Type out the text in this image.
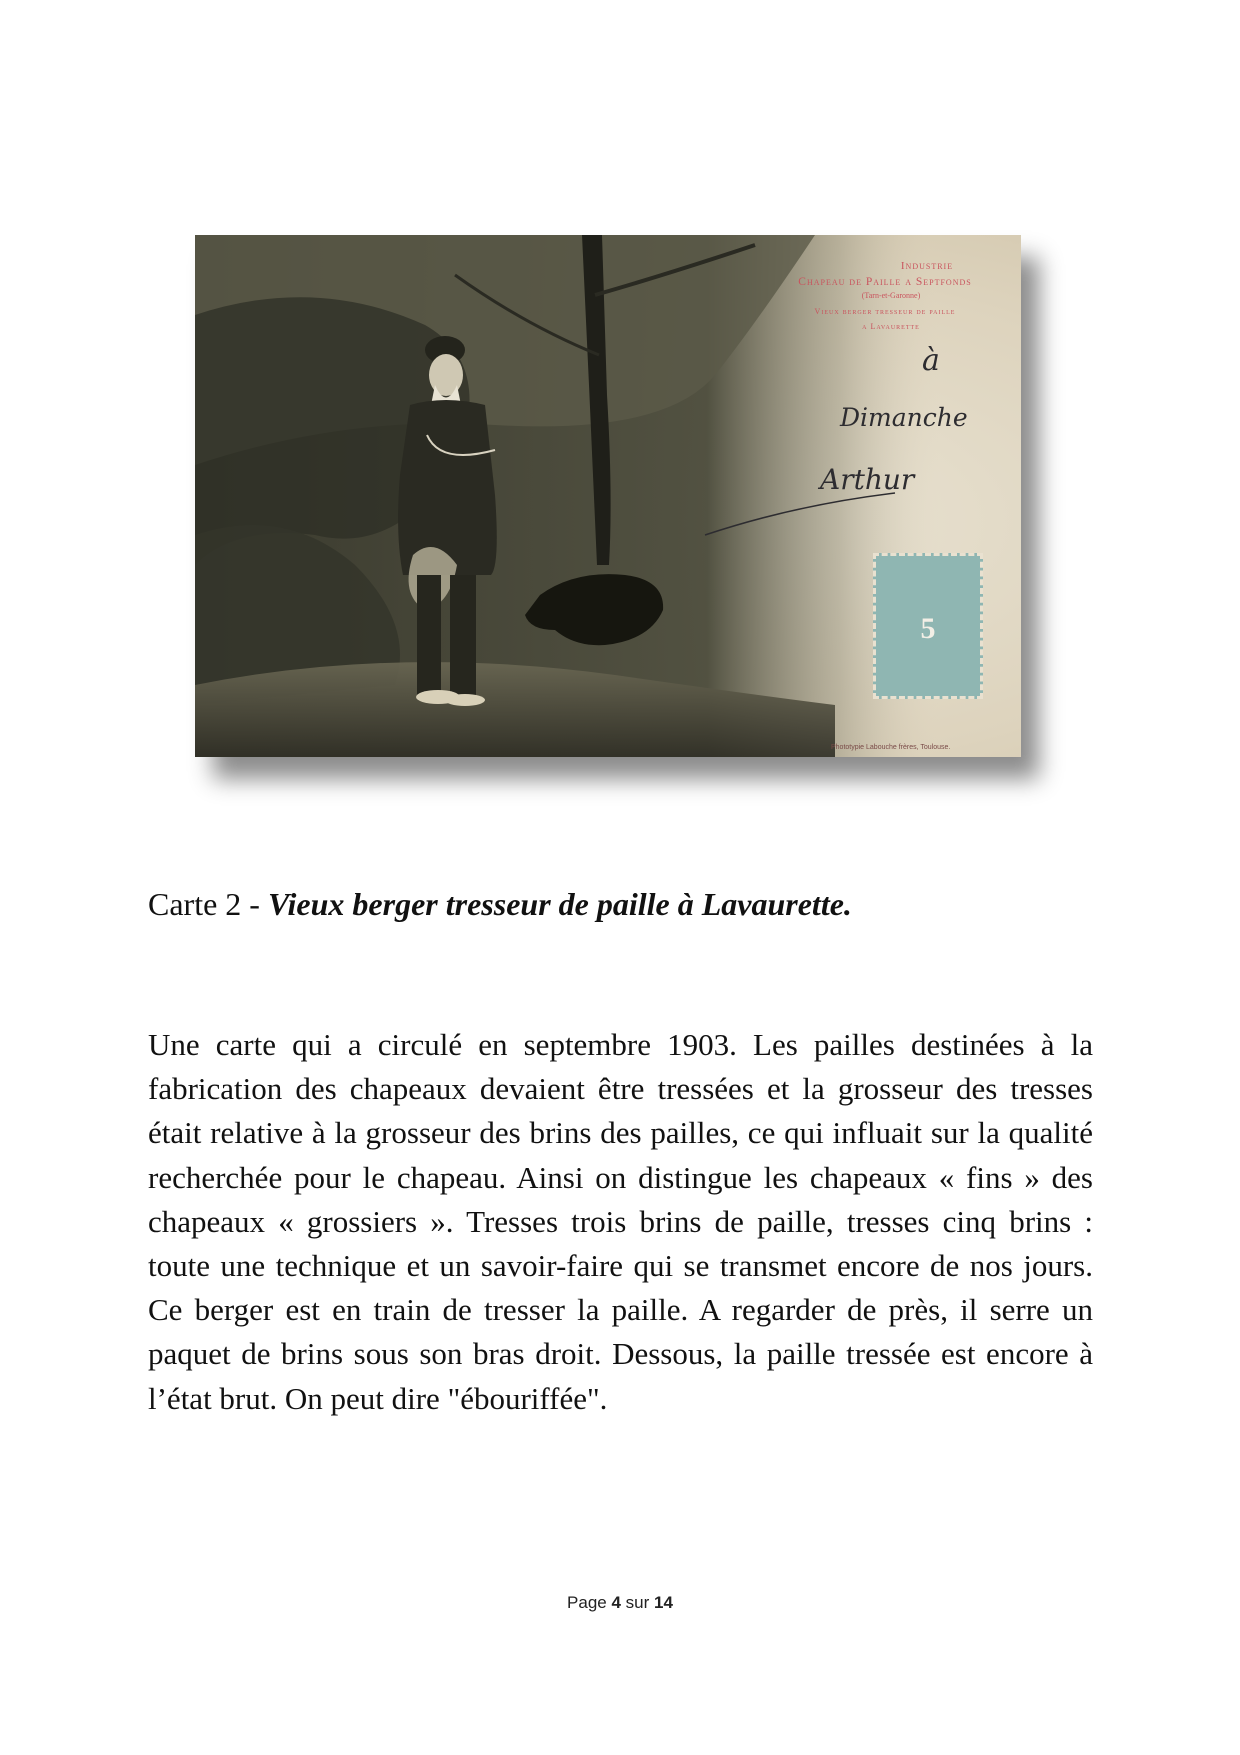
Industrie
Chapeau de Paille a Septfonds
(Tarn-et-Garonne)
Vieux berger tresseur de paille
a Lavaurette
à
Dimanche
Arthur
5
Phototypie Labouche frères, Toulouse.
Carte 2 - Vieux berger tresseur de paille à Lavaurette.

Une carte qui a circulé en septembre 1903. Les pailles destinées à la fabrication des chapeaux devaient être tressées et la grosseur des tresses était relative à la grosseur des brins des pailles, ce qui influait sur la qualité recherchée pour le chapeau. Ainsi on distingue les chapeaux « fins » des chapeaux « grossiers ». Tresses trois brins de paille, tresses cinq brins : toute une technique et un savoir-faire qui se transmet encore de nos jours. Ce berger est en train de tresser la paille. A regarder de près, il serre un paquet de brins sous son bras droit. Dessous, la paille tressée est encore à l’état brut. On peut dire "ébouriffée".

Page 4 sur 14
